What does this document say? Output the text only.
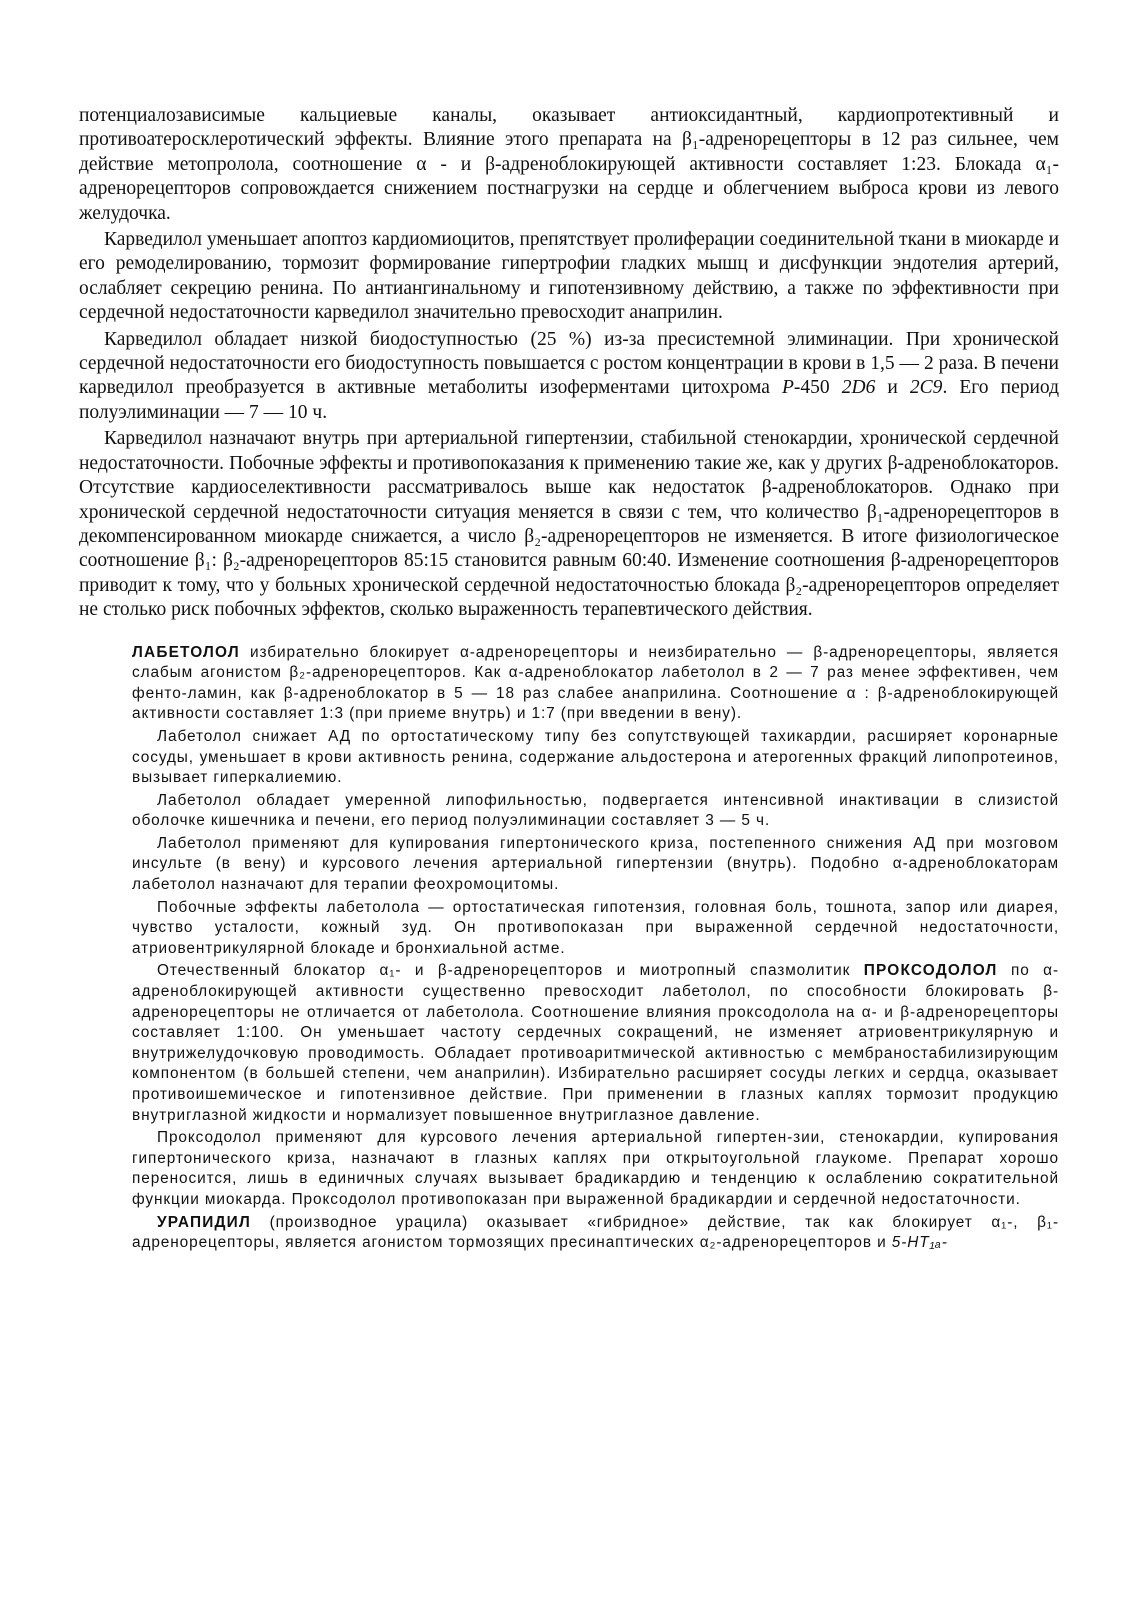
потенциалозависимые кальциевые каналы, оказывает антиоксидантный, кардиопротективный и противоатеросклеротический эффекты. Влияние этого препарата на β₁-адренорецепторы в 12 раз сильнее, чем действие метопролола, соотношение α - и β-адреноблокирующей активности составляет 1:23. Блокада α₁-адренорецепторов сопровождается снижением постнагрузки на сердце и облегчением выброса крови из левого желудочка.

Карведилол уменьшает апоптоз кардиомиоцитов, препятствует пролиферации соединительной ткани в миокарде и его ремоделированию, тормозит формирование гипертрофии гладких мышц и дисфункции эндотелия артерий, ослабляет секрецию ренина. По антиангинальному и гипотензивному действию, а также по эффективности при сердечной недостаточности карведилол значительно превосходит анаприлин.

Карведилол обладает низкой биодоступностью (25 %) из-за пресистемной элиминации. При хронической сердечной недостаточности его биодоступность повышается с ростом концентрации в крови в 1,5 — 2 раза. В печени карведилол преобразуется в активные метаболиты изоферментами цитохрома P-450 2D6 и 2C9. Его период полуэлиминации — 7 — 10 ч.

Карведилол назначают внутрь при артериальной гипертензии, стабильной стенокардии, хронической сердечной недостаточности. Побочные эффекты и противопоказания к применению такие же, как у других β-адреноблокаторов. Отсутствие кардиоселективности рассматривалось выше как недостаток β-адреноблокаторов. Однако при хронической сердечной недостаточности ситуация меняется в связи с тем, что количество β₁-адренорецепторов в декомпенсированном миокарде снижается, а число β₂-адренорецепторов не изменяется. В итоге физиологическое соотношение β₁: β₂-адренорецепторов 85:15 становится равным 60:40. Изменение соотношения β-адренорецепторов приводит к тому, что у больных хронической сердечной недостаточностью блокада β₂-адренорецепторов определяет не столько риск побочных эффектов, сколько выраженность терапевтического действия.

ЛАБЕТОЛОЛ избирательно блокирует α-адренорецепторы и неизбирательно — β-адренорецепторы, является слабым агонистом β₂-адренорецепторов. Как α-адреноблокатор лабетолол в 2 — 7 раз менее эффективен, чем фенто-ламин, как β-адреноблокатор в 5 — 18 раз слабее анаприлина. Соотношение α : β-адреноблокирующей активности составляет 1:3 (при приеме внутрь) и 1:7 (при введении в вену).

Лабетолол снижает АД по ортостатическому типу без сопутствующей тахикардии, расширяет коронарные сосуды, уменьшает в крови активность ренина, содержание альдостерона и атерогенных фракций липопротеинов, вызывает гиперкалиемию.

Лабетолол обладает умеренной липофильностью, подвергается интенсивной инактивации в слизистой оболочке кишечника и печени, его период полуэлиминации составляет 3 — 5 ч.

Лабетолол применяют для купирования гипертонического криза, постепенного снижения АД при мозговом инсульте (в вену) и курсового лечения артериальной гипертензии (внутрь). Подобно α-адреноблокаторам лабетолол назначают для терапии феохромоцитомы.

Побочные эффекты лабетолола — ортостатическая гипотензия, головная боль, тошнота, запор или диарея, чувство усталости, кожный зуд. Он противопоказан при выраженной сердечной недостаточности, атриовентрикулярной блокаде и бронхиальной астме.

Отечественный блокатор α₁- и β-адренорецепторов и миотропный спазмолитик ПРОКСОДОЛОЛ по α-адреноблокирующей активности существенно превосходит лабетолол, по способности блокировать β-адренорецепторы не отличается от лабетолола. Соотношение влияния проксодолола на α- и β-адренорецепторы составляет 1:100. Он уменьшает частоту сердечных сокращений, не изменяет атриовентрикулярную и внутрижелудочковую проводимость. Обладает противоаритмической активностью с мембраностабилизирующим компонентом (в большей степени, чем анаприлин). Избирательно расширяет сосуды легких и сердца, оказывает противоишемическое и гипотензивное действие. При применении в глазных каплях тормозит продукцию внутриглазной жидкости и нормализует повышенное внутриглазное давление.

Проксодолол применяют для курсового лечения артериальной гипертен-зии, стенокардии, купирования гипертонического криза, назначают в глазных каплях при открытоугольной глаукоме. Препарат хорошо переносится, лишь в единичных случаях вызывает брадикардию и тенденцию к ослаблению сократительной функции миокарда. Проксодолол противопоказан при выраженной брадикардии и сердечной недостаточности.

УРАПИДИЛ (производное урацила) оказывает «гибридное» действие, так как блокирует α₁-, β₁-адренорецепторы, является агонистом тормозящих пресинаптических α₂-адренорецепторов и 5-HT₁ₐ-
